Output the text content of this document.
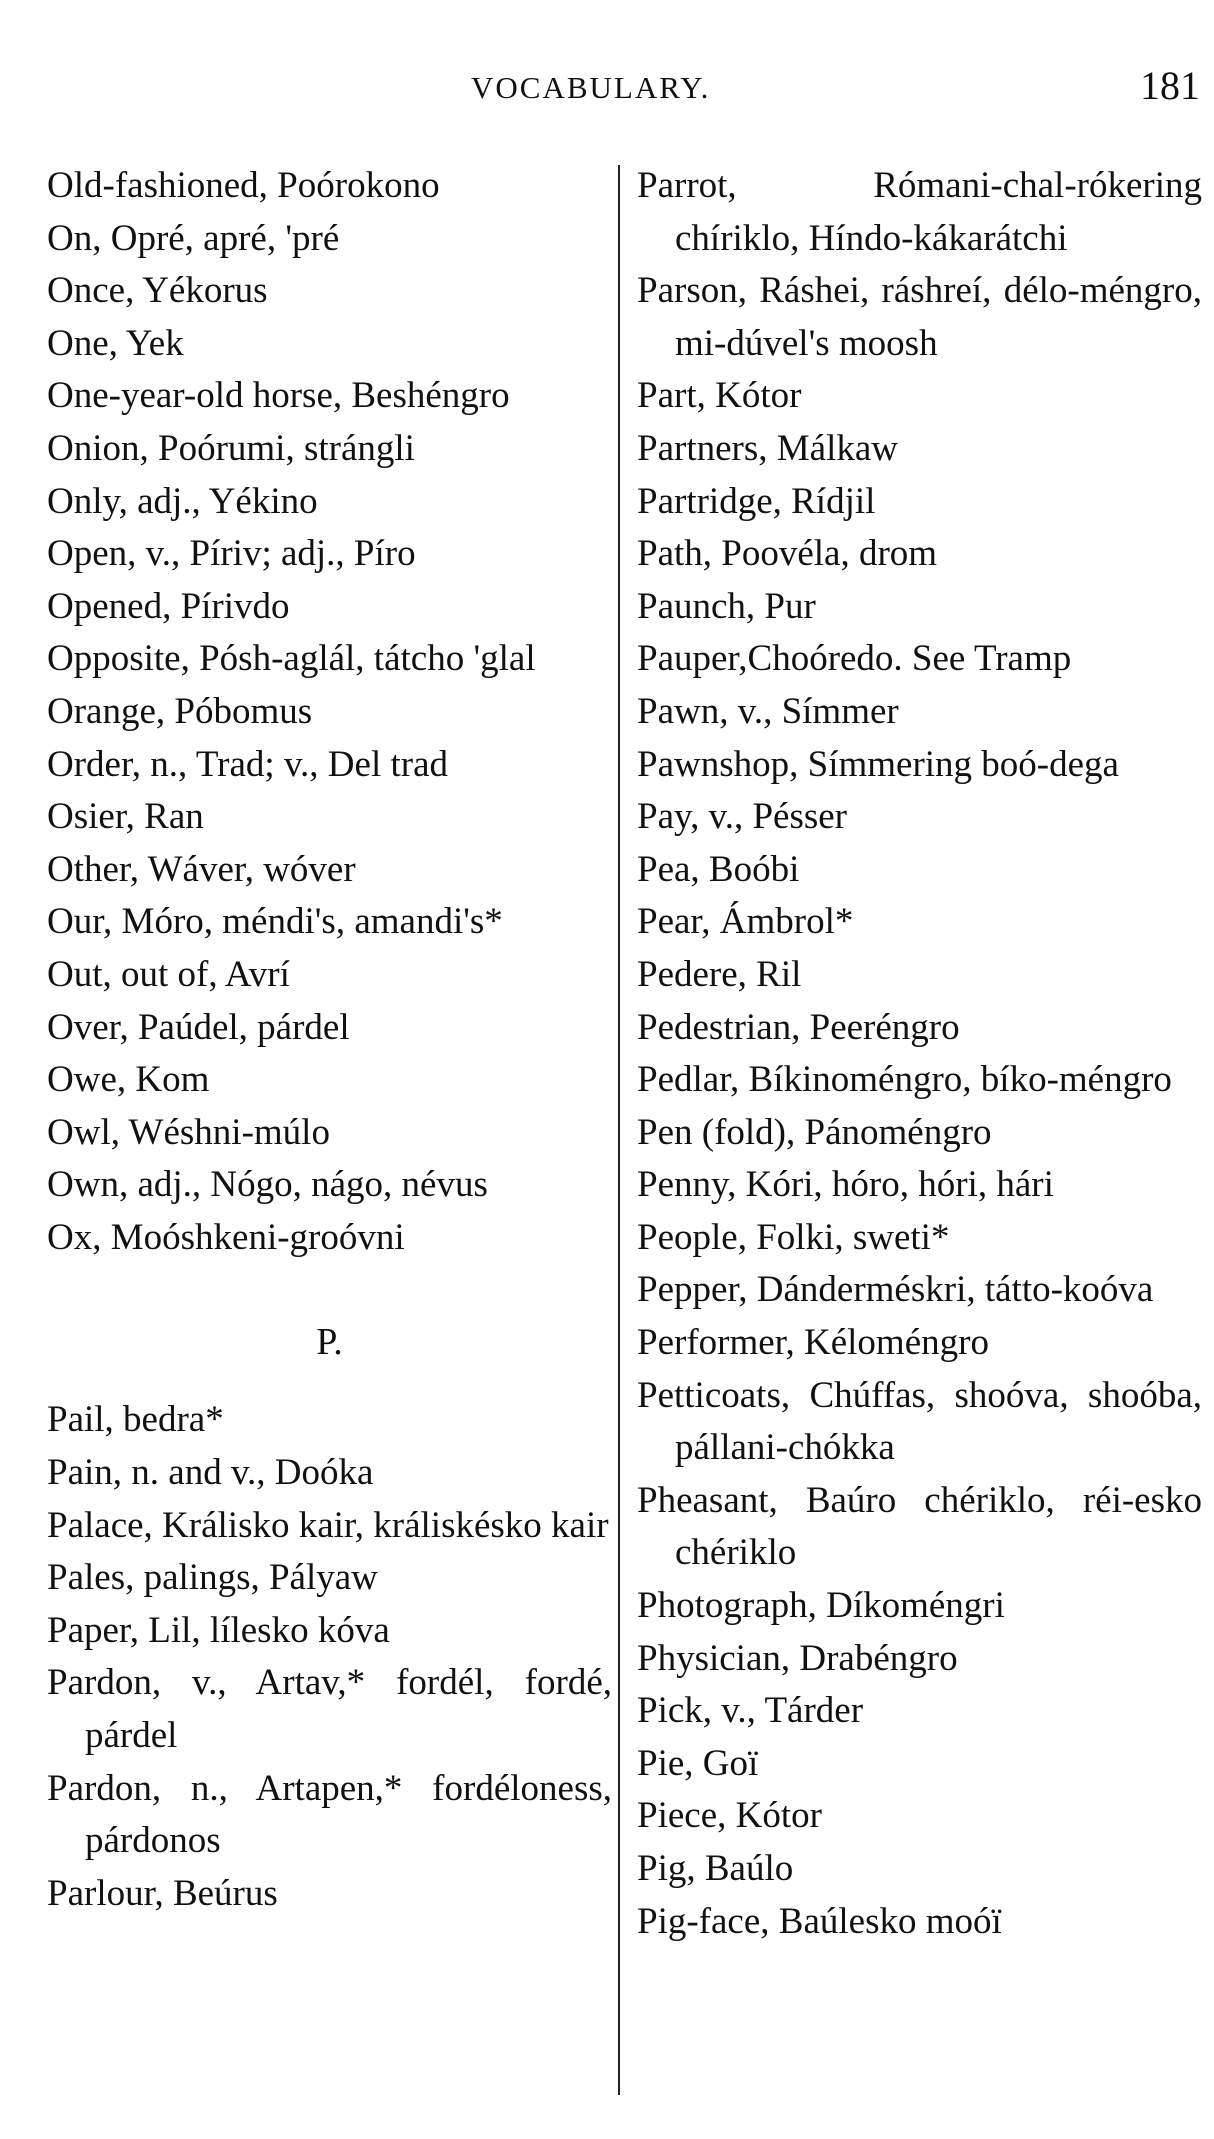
VOCABULARY.	181

Old-fashioned, Poórokono

On, Opré, apré, 'pré

Once, Yékorus

One, Yek

One-year-old horse, Beshéngro

Onion, Poórumi, strángli

Only, adj., Yékino

Open, v., Píriv; adj., Píro

Opened, Pírivdo

Opposite, Pósh-aglál, tátcho 'glal

Orange, Póbomus

Order, n., Trad; v., Del trad

Osier, Ran

Other, Wáver, wóver

Our, Móro, méndi's, amandi's*

Out, out of, Avrí

Over, Paúdel, párdel

Owe, Kom

Owl, Wéshni-múlo

Own, adj., Nógo, nágo, névus

Ox, Moóshkeni-groóvni

P.

Pail, bedra*

Pain, n. and v., Doóka

Palace, Králisko kair, králiskésko kair

Pales, palings, Pályaw

Paper, Lil, lílesko kóva

Pardon, v., Artav,* fordél, fordé, párdel

Pardon, n., Artapen,* fordéloness, párdonos

Parlour, Beúrus

Parrot, Rómani-chal-rókering chíriklo, Híndo-kákarátchi

Parson, Ráshei, ráshreí, délo-méngro, mi-dúvel's moosh

Part, Kótor

Partners, Málkaw

Partridge, Rídjil

Path, Poovéla, drom

Paunch, Pur

Pauper,Choóredo. See Tramp

Pawn, v., Símmer

Pawnshop, Símmering boó-dega

Pay, v., Pésser

Pea, Boóbi

Pear, Ámbrol*

Pedere, Ril

Pedestrian, Peeréngro

Pedlar, Bíkinoméngro, bíko-méngro

Pen (fold), Pánoméngro

Penny, Kóri, hóro, hóri, hári

People, Folki, sweti*

Pepper, Dánderméskri, tátto-koóva

Performer, Kéloméngro

Petticoats, Chúffas, shoóva, shoóba, pállani-chókka

Pheasant, Baúro chériklo, réi-esko chériklo

Photograph, Díkoméngri

Physician, Drabéngro

Pick, v., Tárder

Pie, Goï

Piece, Kótor

Pig, Baúlo

Pig-face, Baúlesko moóï
